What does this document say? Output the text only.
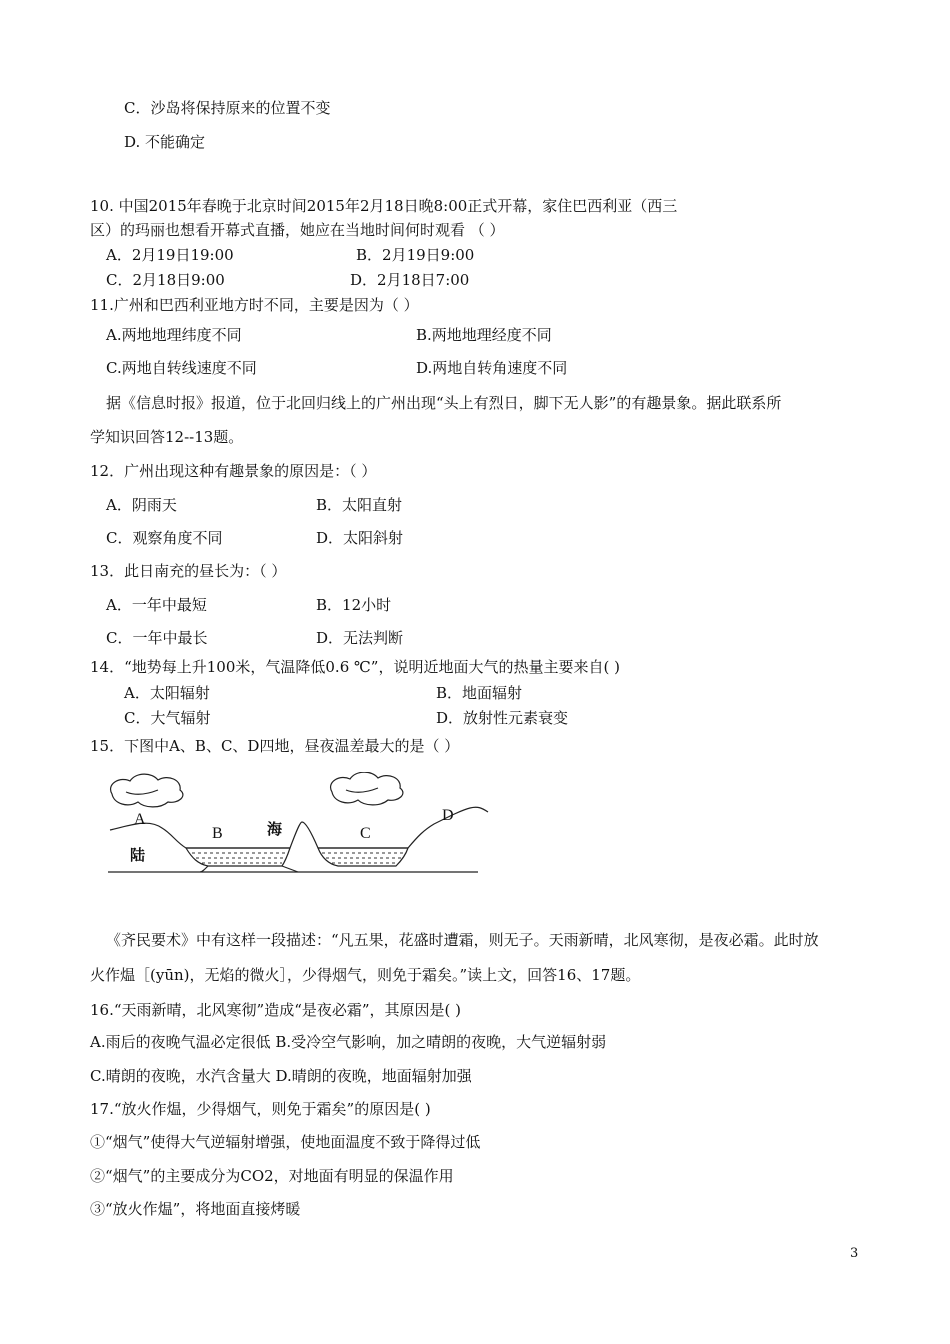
C．沙岛将保持原来的位置不变
D. 不能确定
10. 中国2015年春晚于北京时间2015年2月18日晚8:00正式开幕，家住巴西利亚（西三
区）的玛丽也想看开幕式直播，她应在当地时间何时观看 （ ）
A．2月19日19:00	B．2月19日9:00
C．2月18日9:00	D．2月18日7:00
11.广州和巴西利亚地方时不同，主要是因为（ ）
A.两地地理纬度不同	B.两地地理经度不同
C.两地自转线速度不同	D.两地自转角速度不同
据《信息时报》报道，位于北回归线上的广州出现“头上有烈日，脚下无人影”的有趣景象。据此联系所
学知识回答12--13题。
12．广州出现这种有趣景象的原因是：（ ）
A．阴雨天	B．太阳直射
C．观察角度不同	D．太阳斜射
13．此日南充的昼长为：（ ）
A．一年中最短	B．12小时
C．一年中最长	D．无法判断
14．“地势每上升100米，气温降低0.6 ℃”，说明近地面大气的热量主要来自( )
A．太阳辐射	B．地面辐射
C．大气辐射	D．放射性元素衰变
15．下图中A、B、C、D四地，昼夜温差最大的是（ ）
A
B	C
D
海
陆
《齐民要术》中有这样一段描述：“凡五果，花盛时遭霜，则无子。天雨新晴，北风寒彻，是夜必霜。此时放
火作煴［(yūn)，无焰的微火］，少得烟气，则免于霜矣。”读上文，回答16、17题。
16.“天雨新晴，北风寒彻”造成“是夜必霜”，其原因是( )
A.雨后的夜晚气温必定很低 B.受冷空气影响，加之晴朗的夜晚，大气逆辐射弱
C.晴朗的夜晚，水汽含量大 D.晴朗的夜晚，地面辐射加强
17.“放火作煴，少得烟气，则免于霜矣”的原因是( )
①“烟气”使得大气逆辐射增强，使地面温度不致于降得过低
②“烟气”的主要成分为CO2，对地面有明显的保温作用
③“放火作煴”，将地面直接烤暖
3
